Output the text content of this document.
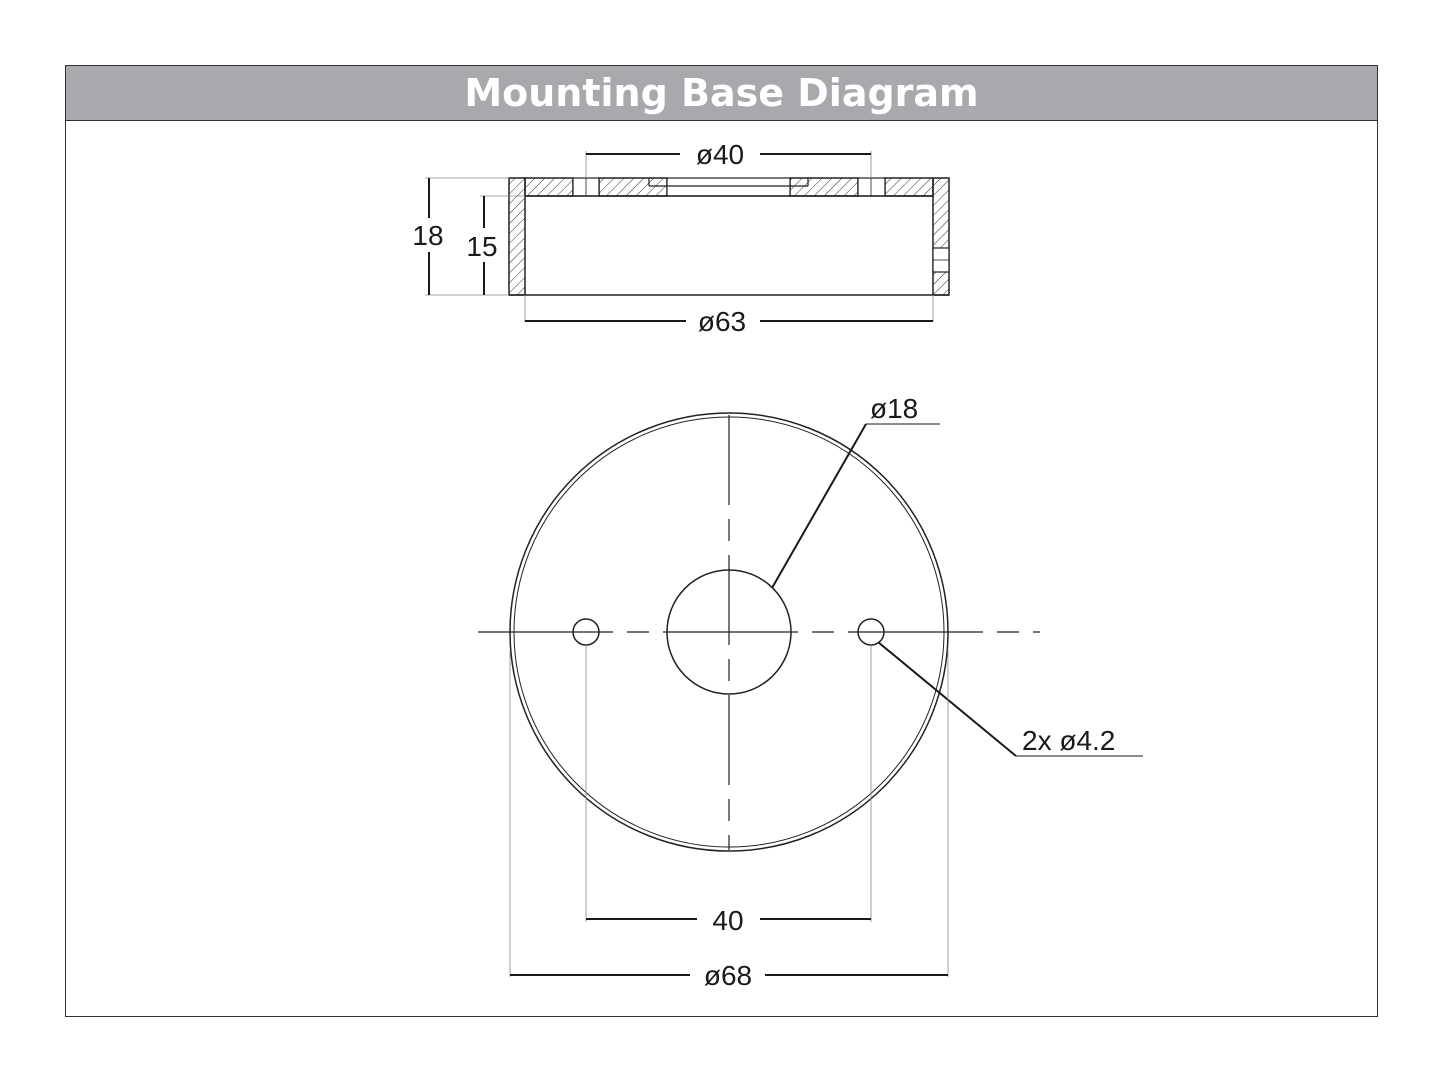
Mounting Base Diagram
ø40
ø63
18 15
ø18
2x ø4.2
40
ø68
